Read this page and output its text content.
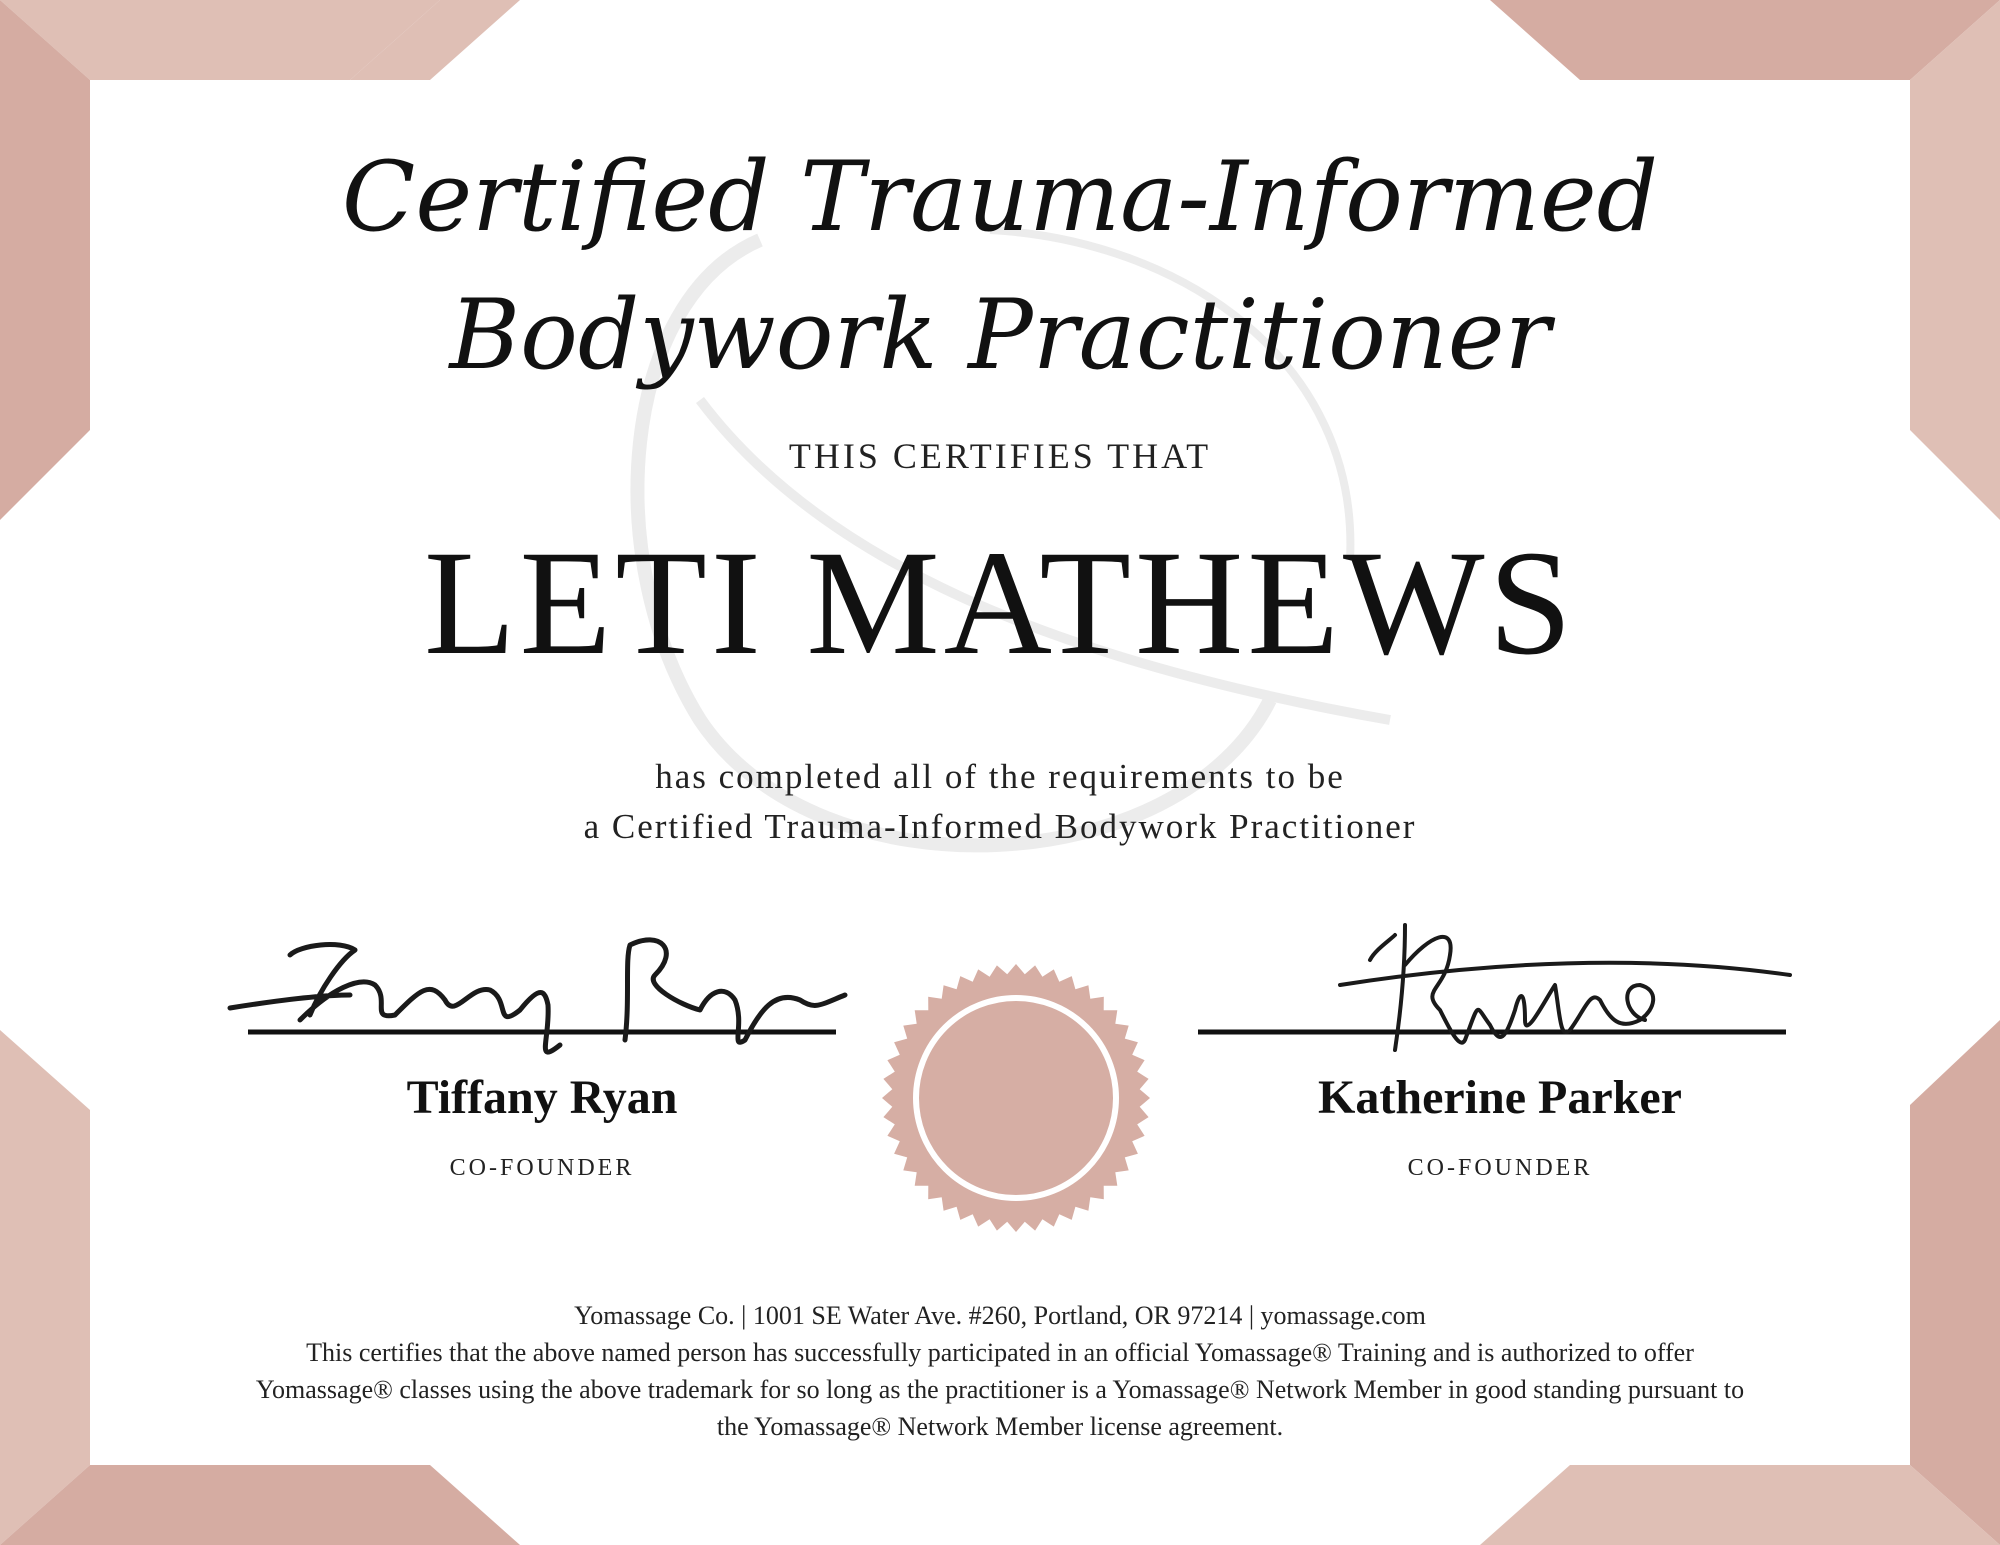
Certified Trauma-Informed
Bodywork Practitioner
THIS CERTIFIES THAT
LETI MATHEWS
has completed all of the requirements to be
a Certified Trauma-Informed Bodywork Practitioner
Tiffany Ryan
CO-FOUNDER
Katherine Parker
CO-FOUNDER
Yomassage Co. | 1001 SE Water Ave. #260, Portland, OR 97214 | yomassage.com
This certifies that the above named person has successfully participated in an official Yomassage® Training and is authorized to offer
Yomassage® classes using the above trademark for so long as the practitioner is a Yomassage® Network Member in good standing pursuant to
the Yomassage® Network Member license agreement.
